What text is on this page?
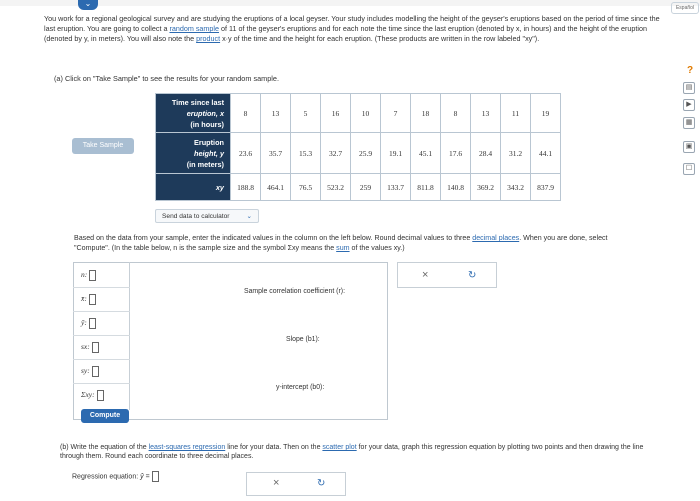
⌄
You work for a regional geological survey and are studying the eruptions of a local geyser. Your study includes modelling the height of the geyser's eruptions based on the period of time since the last eruption. You are going to collect a random sample of 11 of the geyser's eruptions and for each note the time since the last eruption (denoted by x, in hours) and the height of the eruption (denoted by y, in meters). You will also note the product x·y of the time and the height for each eruption. (These products are written in the row labeled "xy").
(a) Click on "Take Sample" to see the results for your random sample.
Take Sample
Time since last
eruption, x
(in hours)	8	13	5	16	10	7	18	8	13	11	19

Eruption
height, y
(in meters)	23.6	35.7	15.3	32.7	25.9	19.1	45.1	17.6	28.4	31.2	44.1
xy	188.8	464.1	76.5	523.2	259	133.7	811.8	140.8	369.2	343.2	837.9
Send data to calculator	⌄
Based on the data from your sample, enter the indicated values in the column on the left below. Round decimal values to three decimal places. When you are done, select "Compute". (In the table below, n is the sample size and the symbol Σxy means the sum of the values xy.)
n:
x̄:
ȳ:
sx:
sy:
Σxy:
Compute
Sample correlation coefficient (r):
Slope (b1):
y-intercept (b0):
×	↻
(b) Write the equation of the least-squares regression line for your data. Then on the scatter plot for your data, graph this regression equation by plotting two points and then drawing the line through them. Round each coordinate to three decimal places.
Regression equation: ŷ =
×	↻
Español
?
▤
▶
▦
▣
☐
